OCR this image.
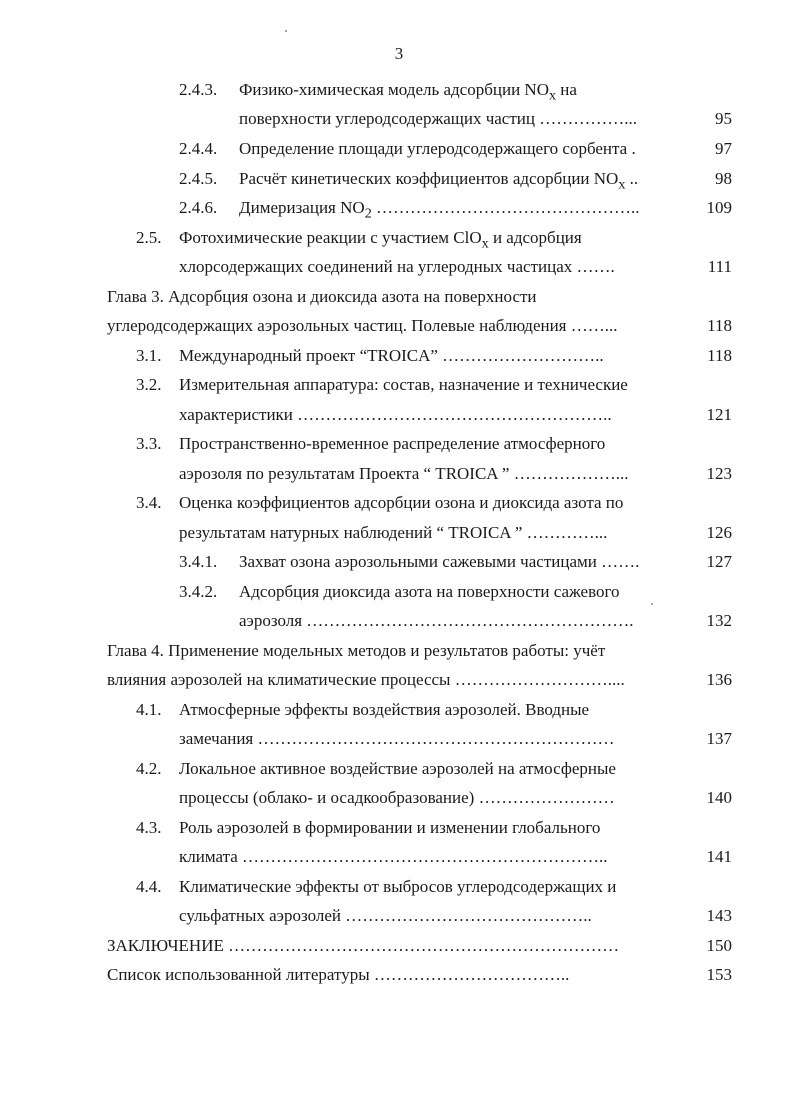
3
2.4.3. Физико-химическая модель адсорбции $NO_x$ на
поверхности углеродсодержащих частиц ……………...	95
2.4.4. Определение площади углеродсодержащего сорбента .	97
2.4.5. Расчёт кинетических коэффициентов адсорбции $NO_x$ ..	98
2.4.6. Димеризация $NO_2$ ………………………………………..	109
2.5. Фотохимические реакции с участием ClO$_x$ и адсорбция
хлорсодержащих соединений на углеродных частицах …….	111
Глава 3. Адсорбция озона и диоксида азота на поверхности
углеродсодержащих аэрозольных частиц. Полевые наблюдения ……...	118
3.1. Международный проект “TROICA” ………………………..	118
3.2. Измерительная аппаратура: состав, назначение и технические
характеристики ………………………………………………..	121
3.3. Пространственно-временное распределение атмосферного
аэрозоля по результатам Проекта “ TROICA ” ………………...	123
3.4. Оценка коэффициентов адсорбции озона и диоксида азота по
результатам натурных наблюдений “ TROICA ” …………...	126
3.4.1. Захват озона аэрозольными сажевыми частицами …….	127
3.4.2. Адсорбция диоксида азота на поверхности сажевого
аэрозоля ………………………………………………….	132
Глава 4. Применение модельных методов и результатов работы: учёт
влияния аэрозолей на климатические процессы ………………………....	136
4.1. Атмосферные эффекты воздействия аэрозолей. Вводные
замечания ………………………………………………………	137
4.2. Локальное активное воздействие аэрозолей на атмосферные
процессы (облако- и осадкообразование) ……………………	140
4.3. Роль аэрозолей в формировании и изменении глобального
климата ………………………………………………………..	141
4.4. Климатические эффекты от выбросов углеродсодержащих и
сульфатных аэрозолей ……………………………………..	143
ЗАКЛЮЧЕНИЕ ……………………………………………………………	150
Список использованной литературы ……………………………..	153
